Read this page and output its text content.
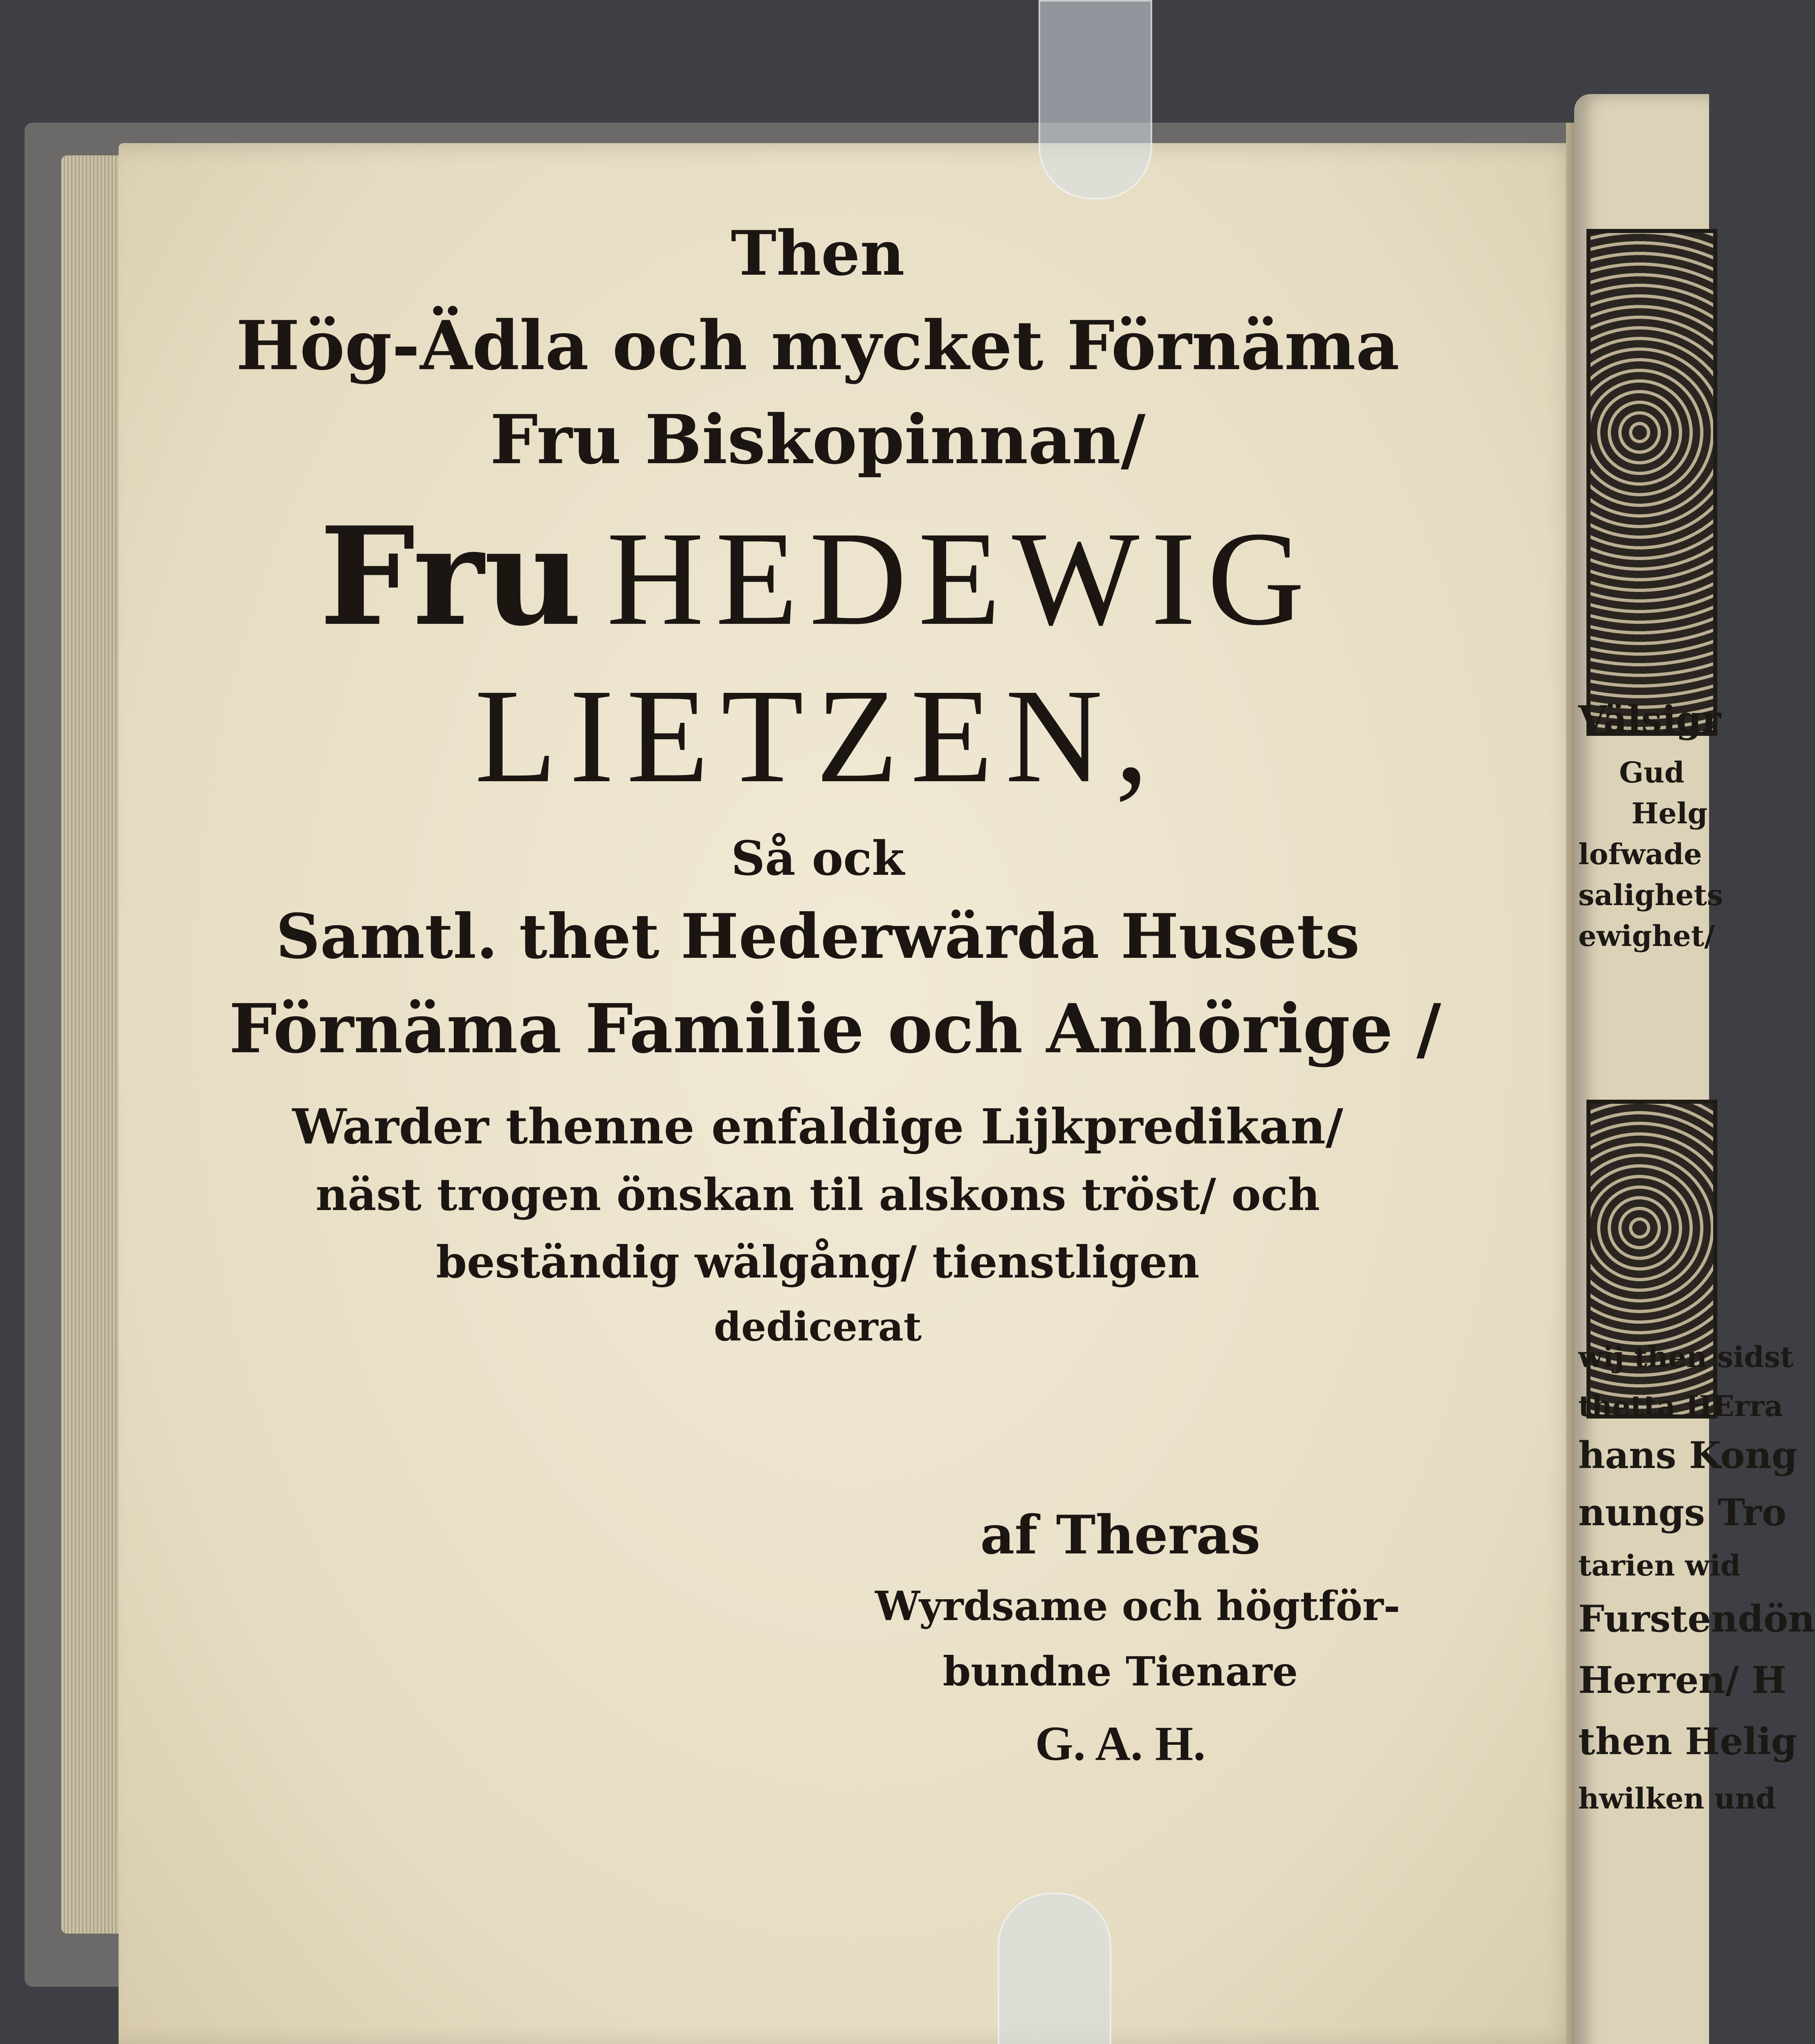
Then
Hög-Ädla och mycket Förnäma
Fru Biskopinnan/
Fru HEDEWIG
LIETZEN,
Så ock
Samtl. thet Hederwärda Husets
Förnäma Familie och Anhörige /
Warder thenne enfaldige Lijkpredikan/
näst trogen önskan til alskons tröst/ och
beständig wälgång/ tienstligen
dedicerat
af Theras
Wyrdsame och högtför-
bundne Tienare
G. A. H.
Välsigr
Gud
Helg
lofwade
salighets
ewighet/
wij then sidst
thetta HErra
hans Kong
nungs Tro
tarien wid
Furstendön
Herren/ H
then Helig
hwilken und
